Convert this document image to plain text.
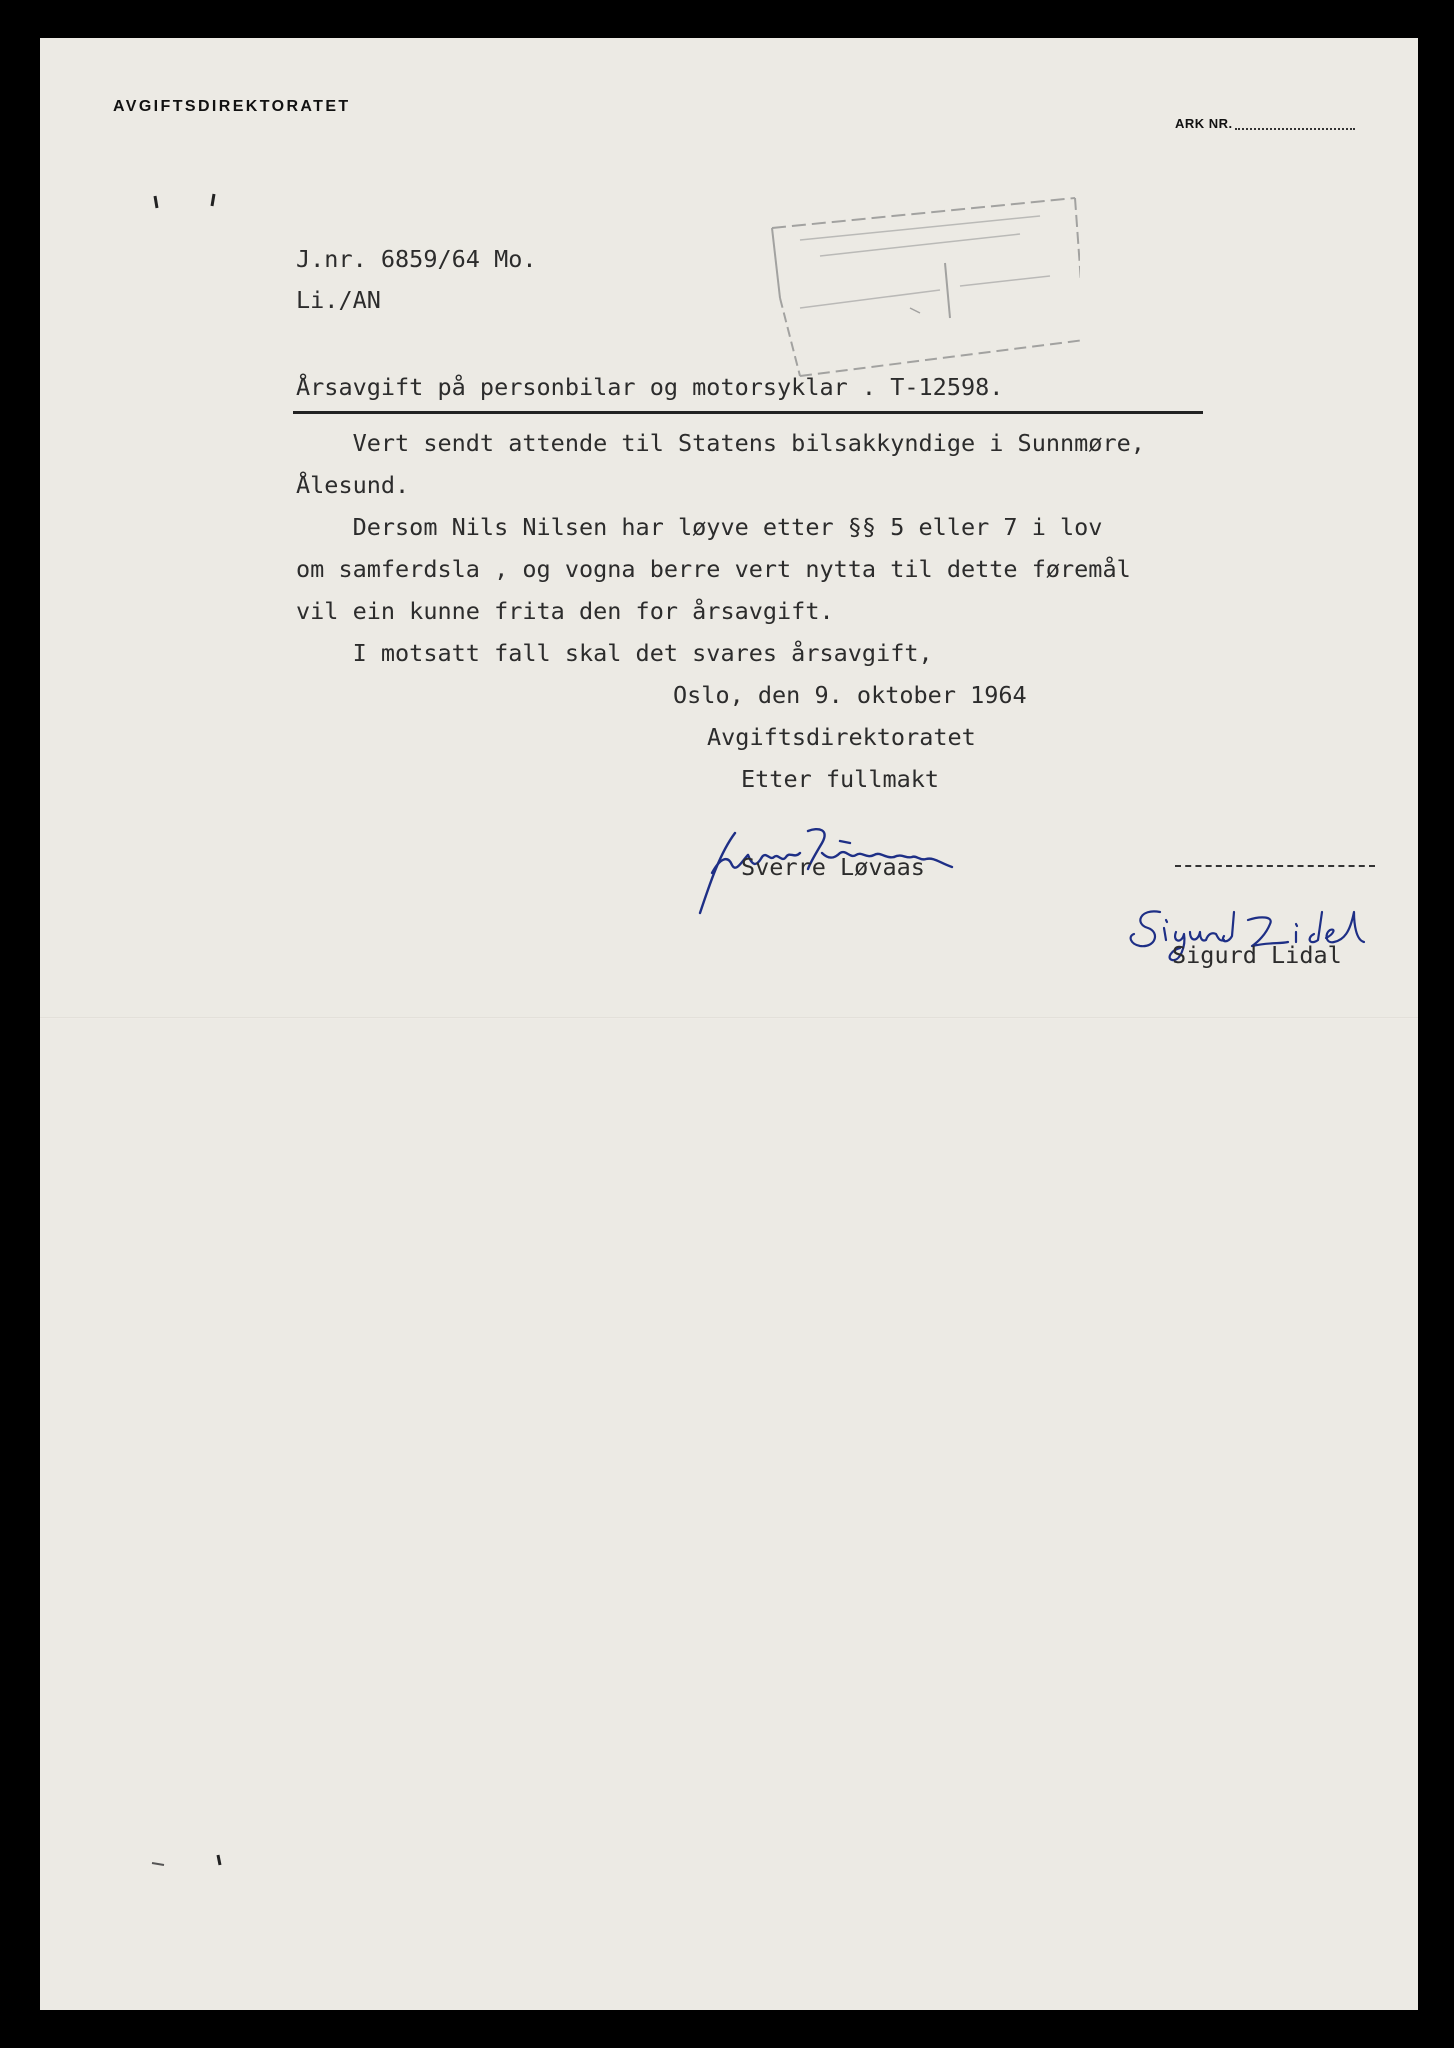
AVGIFTSDIREKTORATET
ARK NR.
J.nr. 6859/64 Mo.
Li./AN
Årsavgift på personbilar og motorsyklar . T-12598.
Vert sendt attende til Statens bilsakkyndige i Sunnmøre,
Ålesund.
Dersom Nils Nilsen har løyve etter §§ 5 eller 7 i lov
om samferdsla , og vogna berre vert nytta til dette føremål
vil ein kunne frita den for årsavgift.
I motsatt fall skal det svares årsavgift,
Oslo, den 9. oktober 1964
Avgiftsdirektoratet
Etter fullmakt
Sverre Løvaas
Sigurd Lidal
